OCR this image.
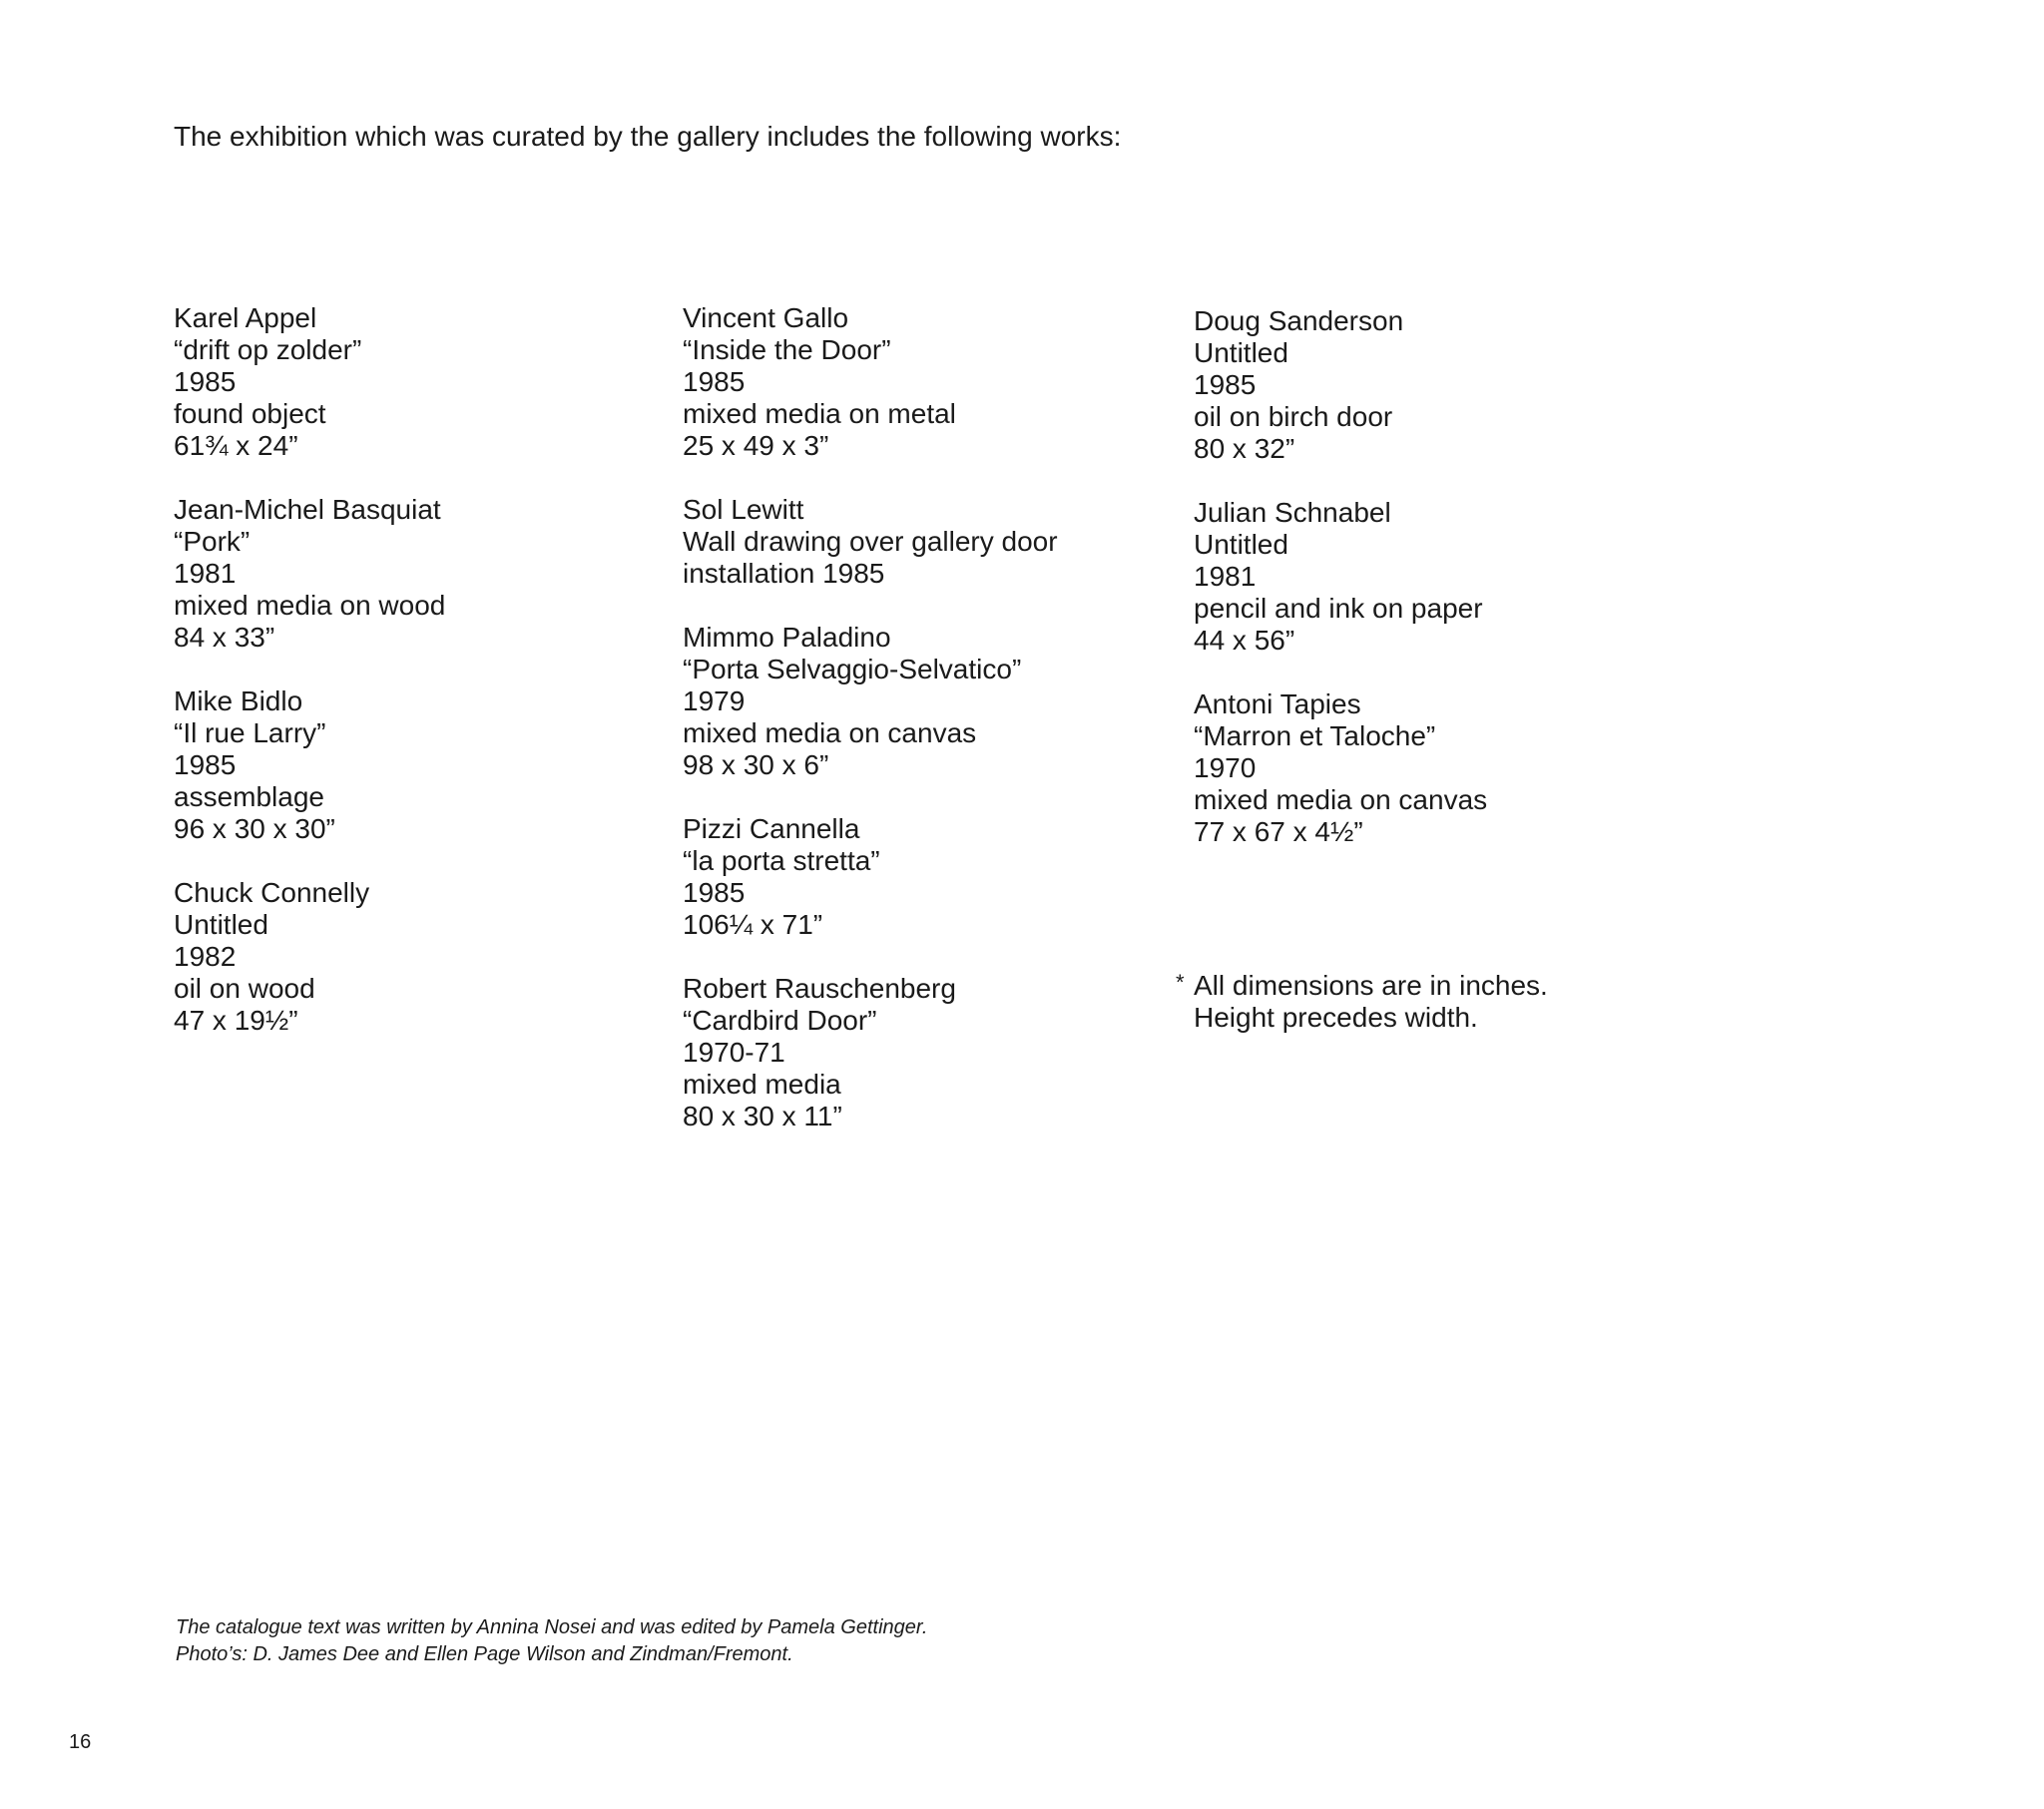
The exhibition which was curated by the gallery includes the following works:
Karel Appel
“drift op zolder”
1985
found object
61¾ x 24”
Jean-Michel Basquiat
“Pork”
1981
mixed media on wood
84 x 33”
Mike Bidlo
“Il rue Larry”
1985
assemblage
96 x 30 x 30”
Chuck Connelly
Untitled
1982
oil on wood
47 x 19½”
Vincent Gallo
“Inside the Door”
1985
mixed media on metal
25 x 49 x 3”
Sol Lewitt
Wall drawing over gallery door
installation 1985
Mimmo Paladino
“Porta Selvaggio-Selvatico”
1979
mixed media on canvas
98 x 30 x 6”
Pizzi Cannella
“la porta stretta”
1985
106¼ x 71”
Robert Rauschenberg
“Cardbird Door”
1970-71
mixed media
80 x 30 x 11”
Doug Sanderson
Untitled
1985
oil on birch door
80 x 32”
Julian Schnabel
Untitled
1981
pencil and ink on paper
44 x 56”
Antoni Tapies
“Marron et Taloche”
1970
mixed media on canvas
77 x 67 x 4½”
* All dimensions are in inches.
Height precedes width.
The catalogue text was written by Annina Nosei and was edited by Pamela Gettinger.
Photo’s: D. James Dee and Ellen Page Wilson and Zindman/Fremont.
16
